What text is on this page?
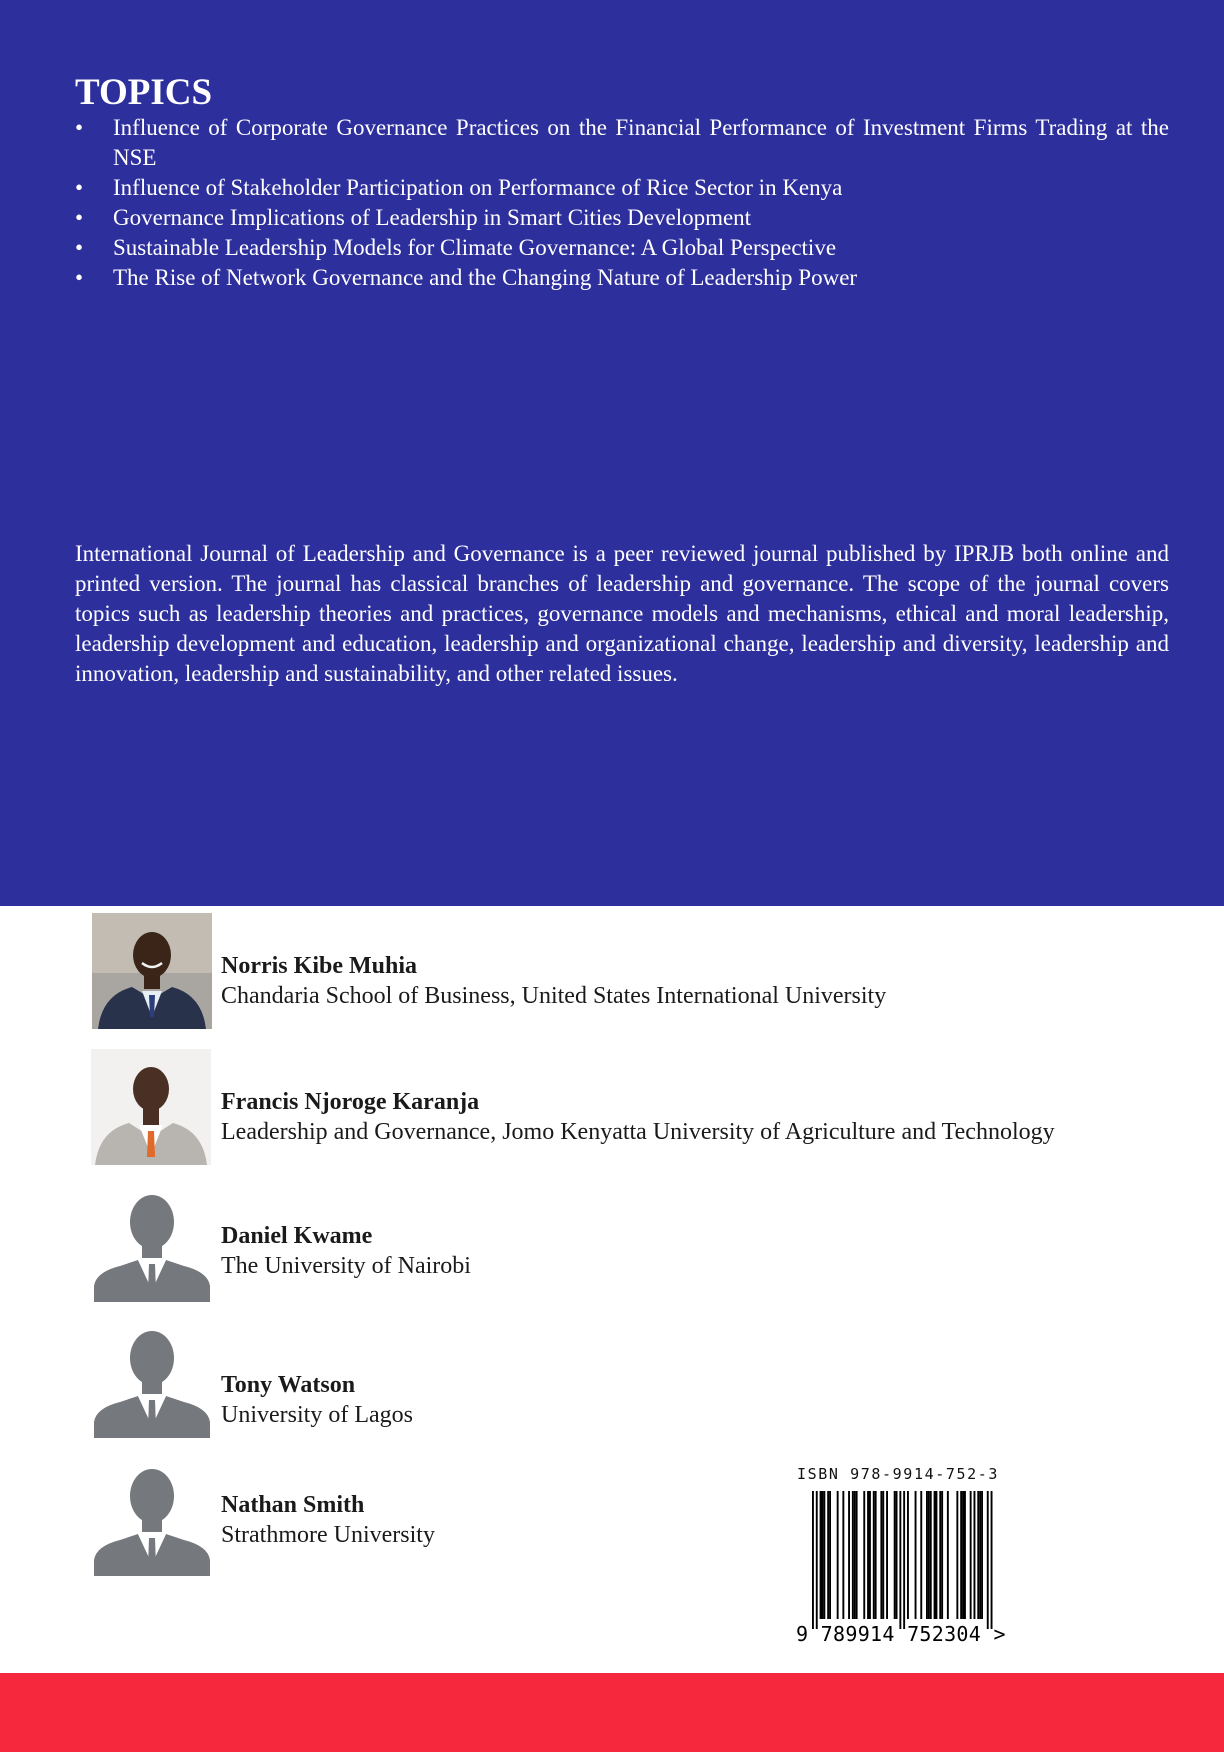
TOPICS
•	Influence of Corporate Governance Practices on the Financial Performance of Investment Firms Trading at the NSE
•	Influence of Stakeholder Participation on Performance of Rice Sector in Kenya
•	Governance Implications of Leadership in Smart Cities Development
•	Sustainable Leadership Models for Climate Governance: A Global Perspective
•	The Rise of Network Governance and the Changing Nature of Leadership Power

International Journal of Leadership and Governance is a peer reviewed journal published by IPRJB both online and printed version. The journal has classical branches of leadership and governance. The scope of the journal covers topics such as leadership theories and practices, governance models and mechanisms, ethical and moral leadership, leadership development and education, leadership and organizational change, leadership and diversity, leadership and innovation, leadership and sustainability, and other related issues.

Norris Kibe Muhia
Chandaria School of Business, United States International University
Francis Njoroge Karanja
Leadership and Governance, Jomo Kenyatta University of Agriculture and Technology
Daniel Kwame
The University of Nairobi
Tony Watson
University of Lagos
Nathan Smith
Strathmore University
ISBN 978-9914-752-3
9 789914 752304 >
